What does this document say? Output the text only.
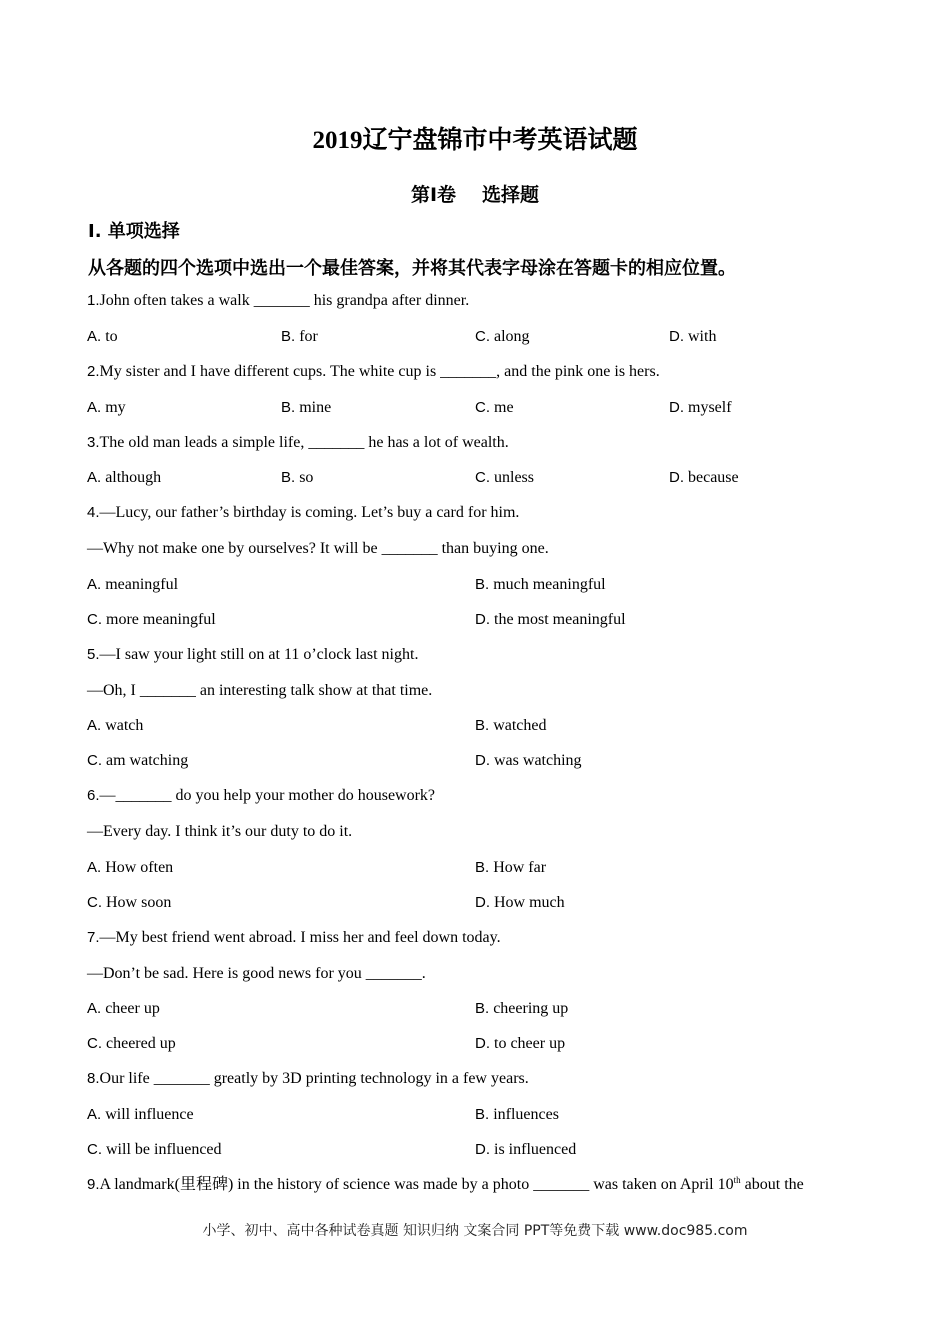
2019辽宁盘锦市中考英语试题
第Ⅰ卷 选择题
Ⅰ. 单项选择
从各题的四个选项中选出一个最佳答案，并将其代表字母涂在答题卡的相应位置。
1.John often takes a walk _______ his grandpa after dinner.
A. to	B. for	C. along	D. with
2.My sister and I have different cups. The white cup is _______, and the pink one is hers.
A. my	B. mine	C. me	D. myself
3.The old man leads a simple life, _______ he has a lot of wealth.
A. although	B. so	C. unless	D. because
4.—Lucy, our father’s birthday is coming. Let’s buy a card for him.
—Why not make one by ourselves? It will be _______ than buying one.
A. meaningful	B. much meaningful
C. more meaningful	D. the most meaningful
5.—I saw your light still on at 11 o’clock last night.
—Oh, I _______ an interesting talk show at that time.
A. watch	B. watched
C. am watching	D. was watching
6.—_______ do you help your mother do housework?
—Every day. I think it’s our duty to do it.
A. How often	B. How far
C. How soon	D. How much
7.—My best friend went abroad. I miss her and feel down today.
—Don’t be sad. Here is good news for you _______.
A. cheer up	B. cheering up
C. cheered up	D. to cheer up
8.Our life _______ greatly by 3D printing technology in a few years.
A. will influence	B. influences
C. will be influenced	D. is influenced
9.A landmark(里程碑) in the history of science was made by a photo _______ was taken on April 10th about the
小学、初中、高中各种试卷真题 知识归纳 文案合同 PPT等免费下载 www.doc985.com
